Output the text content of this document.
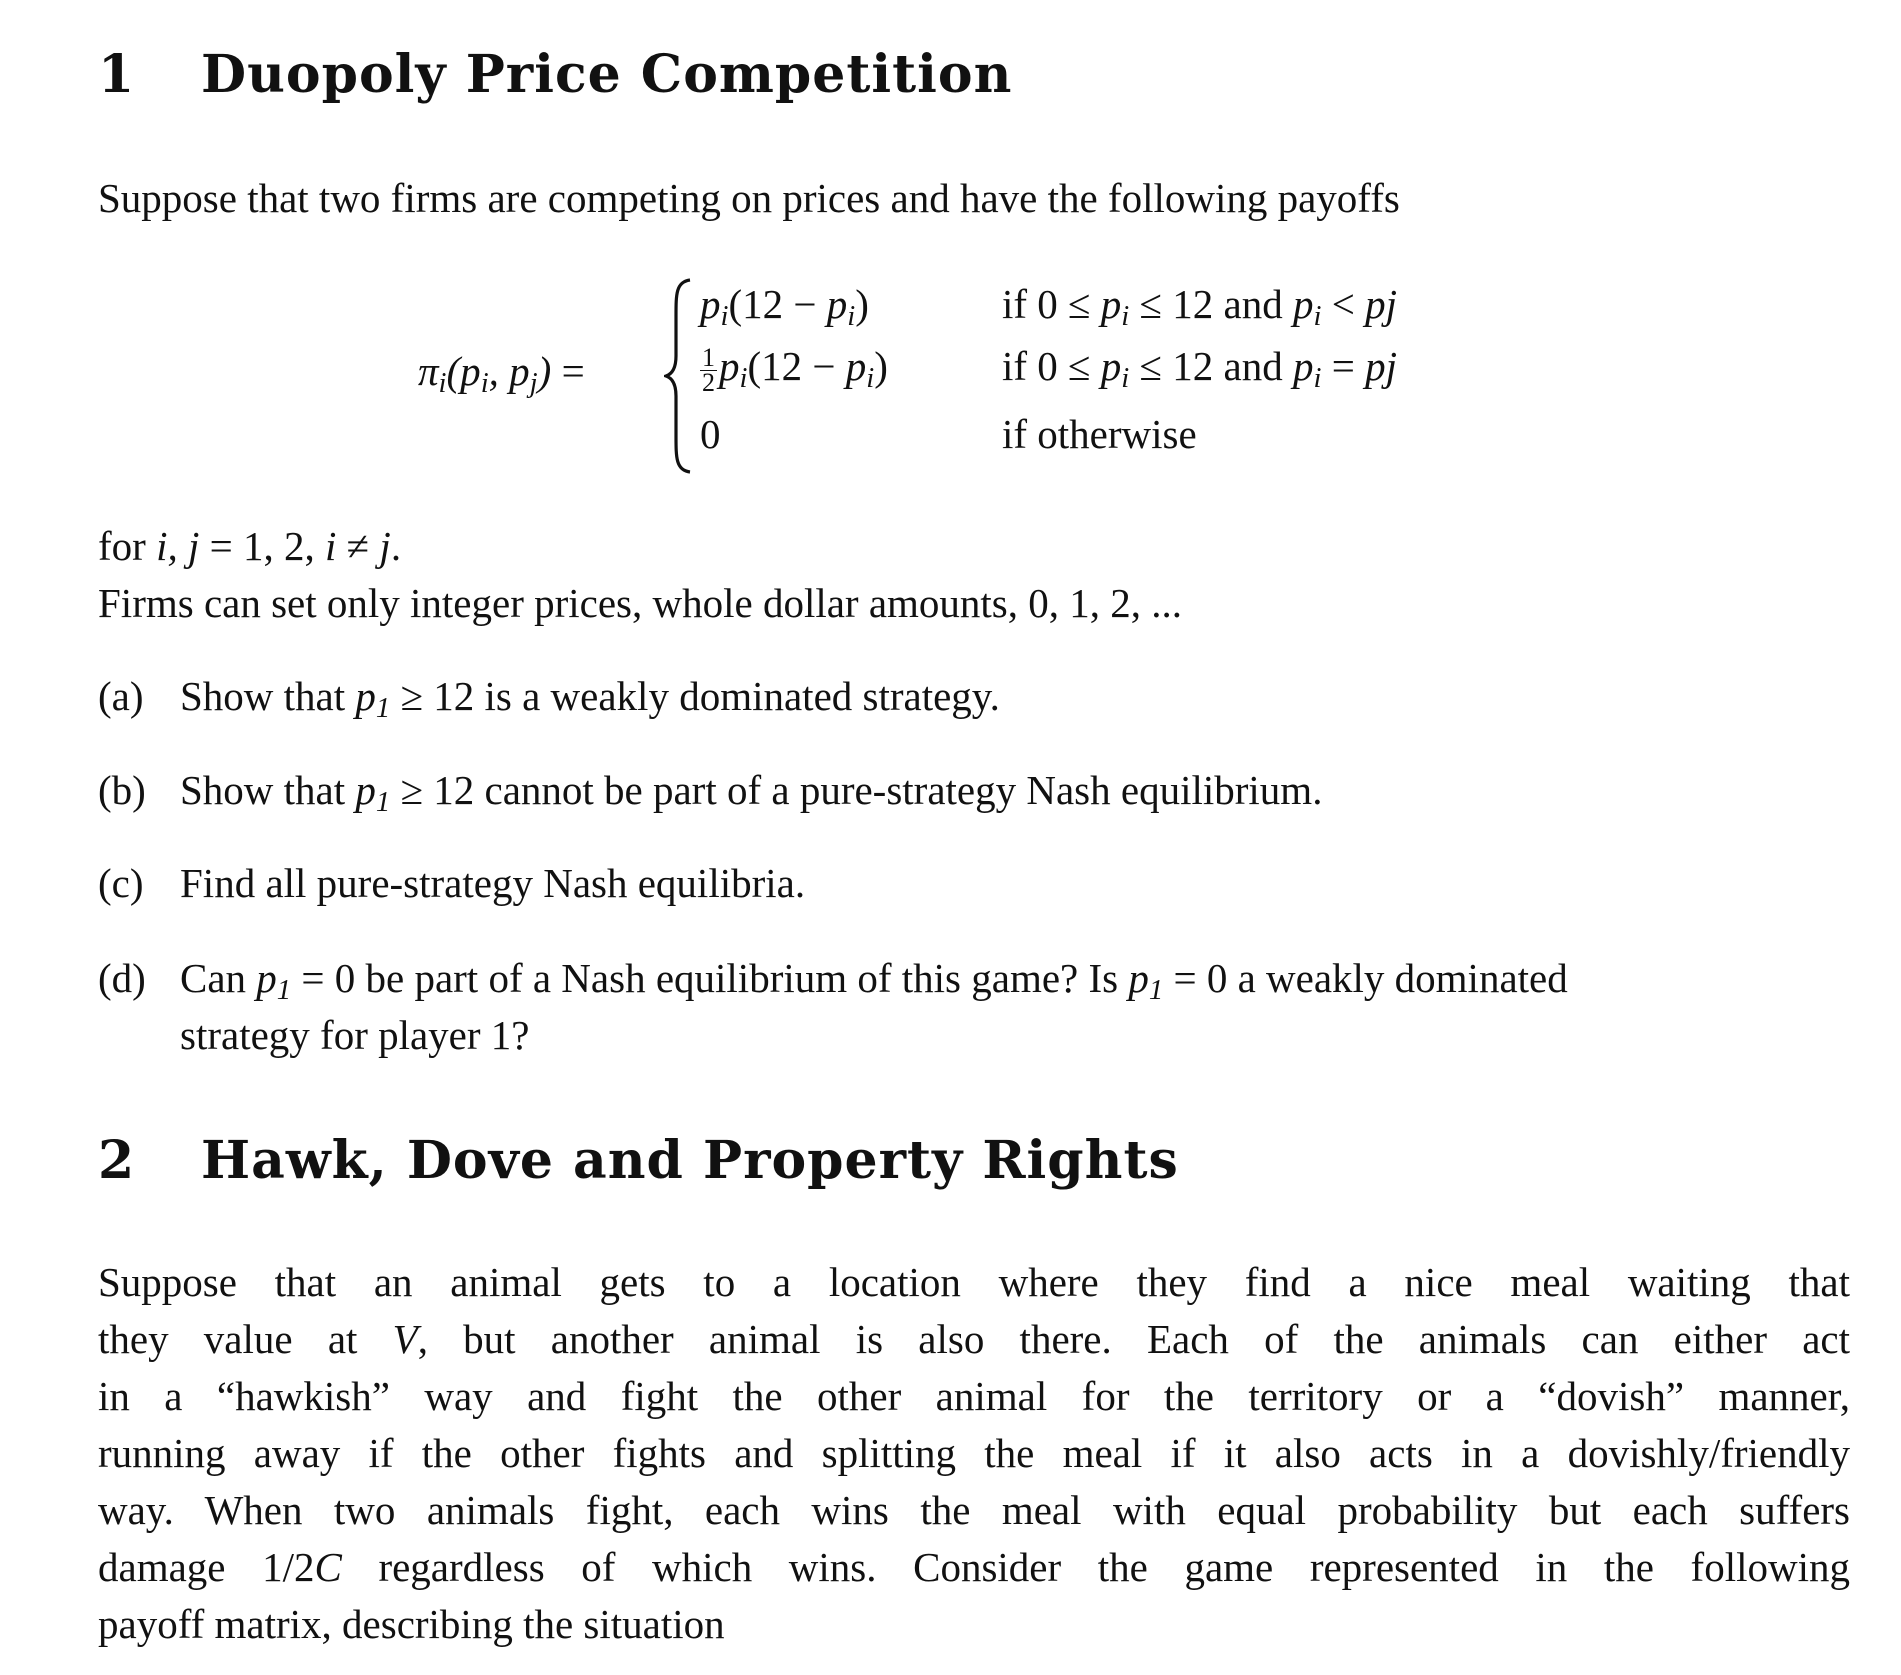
1 Duopoly Price Competition
Suppose that two firms are competing on prices and have the following payoffs
$\pi_i(p_i$, $p_j$) =
$p_i(12 - p_i)$	if $0 \le p_i \le 12$ and $p_i$ < pj
$\frac{1}{2} p_i(12 - p_i)$	if $0 \le p_i \le 12$ and $p_i$ = pj
0	if otherwise
for i, j = 1, 2, i ≠ j.
Firms can set only integer prices, whole dollar amounts, 0, 1, 2, ...
(a) Show that $p_1 \ge 12$ is a weakly dominated strategy.
(b) Show that $p_1 \ge 12$ cannot be part of a pure-strategy Nash equilibrium.
(c) Find all pure-strategy Nash equilibria.
(d) Can $p_1 = 0$ be part of a Nash equilibrium of this game? Is $p_1 = 0$ a weakly dominated
strategy for player 1?
2 Hawk, Dove and Property Rights
Suppose that an animal gets to a location where they find a nice meal waiting that
they value at V, but another animal is also there. Each of the animals can either act
in a “hawkish” way and fight the other animal for the territory or a “dovish” manner,
running away if the other fights and splitting the meal if it also acts in a dovishly/friendly
way. When two animals fight, each wins the meal with equal probability but each suffers
damage 1/2C regardless of which wins. Consider the game represented in the following
payoff matrix, describing the situation
